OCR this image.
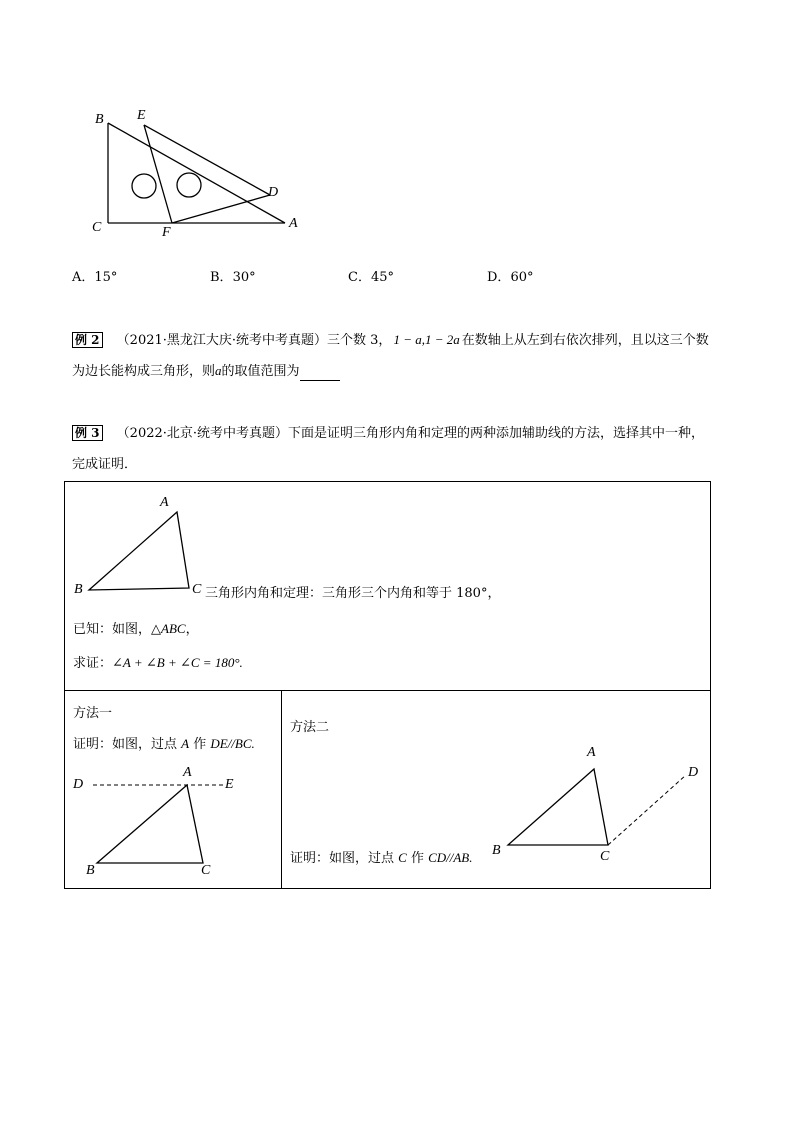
B E
D
C	F
A
A．15°	B．30°	C．45°	D．60°
例 2 （2021·黑龙江大庆·统考中考真题）三个数 3， 1 − a,1 − 2a 在数轴上从左到右依次排列，且以这三个数
为边长能构成三角形，则a的取值范围为
例 3 （2022·北京·统考中考真题）下面是证明三角形内角和定理的两种添加辅助线的方法，选择其中一种，
完成证明．
A
B	C 三角形内角和定理：三角形三个内角和等于 180°，
已知：如图，△ABC，
求证：∠A + ∠B + ∠C = 180°.

方法一
证明：如图，过点 A 作 DE//BC.
D
A
E
B	C

方法二
证明：如图，过点 C 作 CD//AB.
A
D
B	C
